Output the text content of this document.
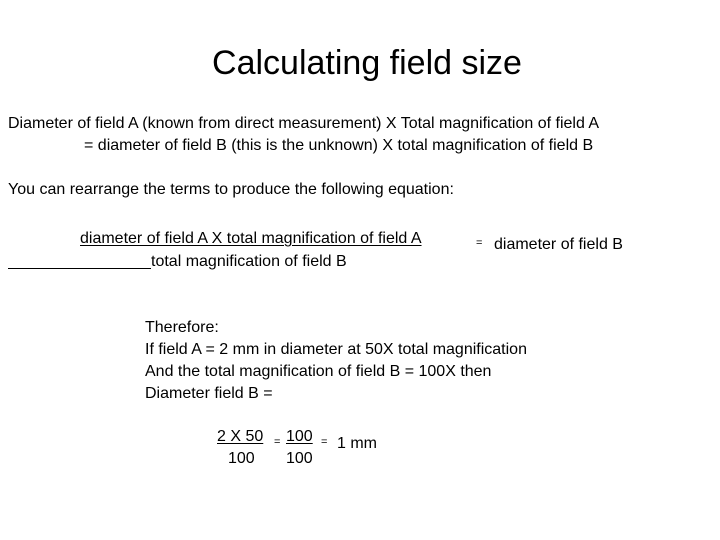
Calculating field size
Diameter of field A (known from direct measurement) X Total magnification of field A
= diameter of field B (this is the unknown) X total magnification of field B
You can rearrange the terms to produce the following equation:
diameter of field A X total magnification of field A	= diameter of field B
total magnification of field B
Therefore:
If field A = 2 mm in diameter at 50X total magnification
And the total magnification of field B = 100X then
Diameter field B =
2 X 50 = 100 = 1 mm
100 100
